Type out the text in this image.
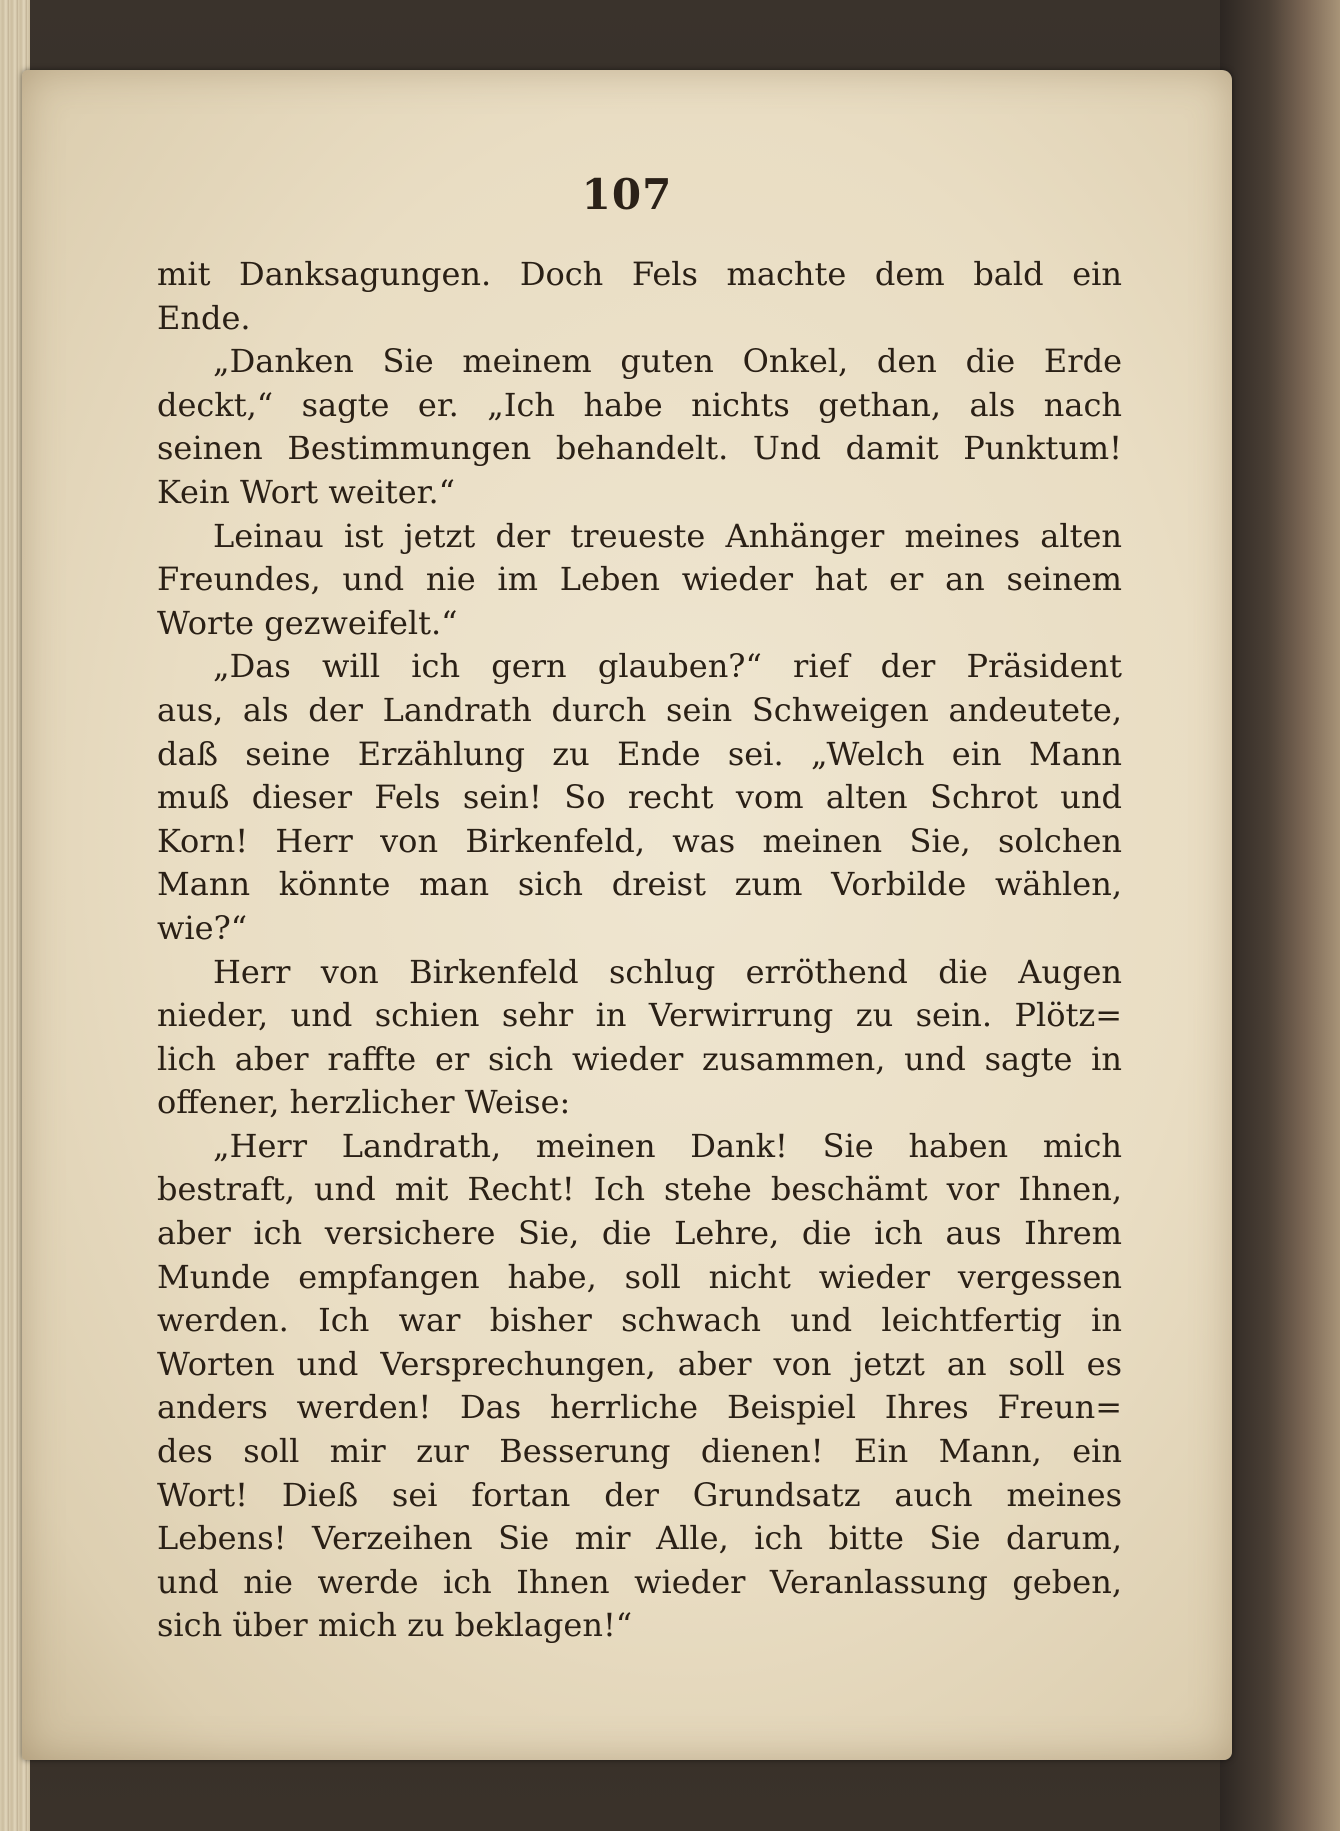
107
mit Danksagungen. Doch Fels machte dem bald ein
Ende.
„Danken Sie meinem guten Onkel, den die Erde
deckt,“ sagte er. „Ich habe nichts gethan, als nach
seinen Bestimmungen behandelt. Und damit Punktum!
Kein Wort weiter.“
Leinau ist jetzt der treueste Anhänger meines alten
Freundes, und nie im Leben wieder hat er an seinem
Worte gezweifelt.“
„Das will ich gern glauben?“ rief der Präsident
aus, als der Landrath durch sein Schweigen andeutete,
daß seine Erzählung zu Ende sei. „Welch ein Mann
muß dieser Fels sein! So recht vom alten Schrot und
Korn! Herr von Birkenfeld, was meinen Sie, solchen
Mann könnte man sich dreist zum Vorbilde wählen,
wie?“
Herr von Birkenfeld schlug erröthend die Augen
nieder, und schien sehr in Verwirrung zu sein. Plötz=
lich aber raffte er sich wieder zusammen, und sagte in
offener, herzlicher Weise:
„Herr Landrath, meinen Dank! Sie haben mich
bestraft, und mit Recht! Ich stehe beschämt vor Ihnen,
aber ich versichere Sie, die Lehre, die ich aus Ihrem
Munde empfangen habe, soll nicht wieder vergessen
werden. Ich war bisher schwach und leichtfertig in
Worten und Versprechungen, aber von jetzt an soll es
anders werden! Das herrliche Beispiel Ihres Freun=
des soll mir zur Besserung dienen! Ein Mann, ein
Wort! Dieß sei fortan der Grundsatz auch meines
Lebens! Verzeihen Sie mir Alle, ich bitte Sie darum,
und nie werde ich Ihnen wieder Veranlassung geben,
sich über mich zu beklagen!“
